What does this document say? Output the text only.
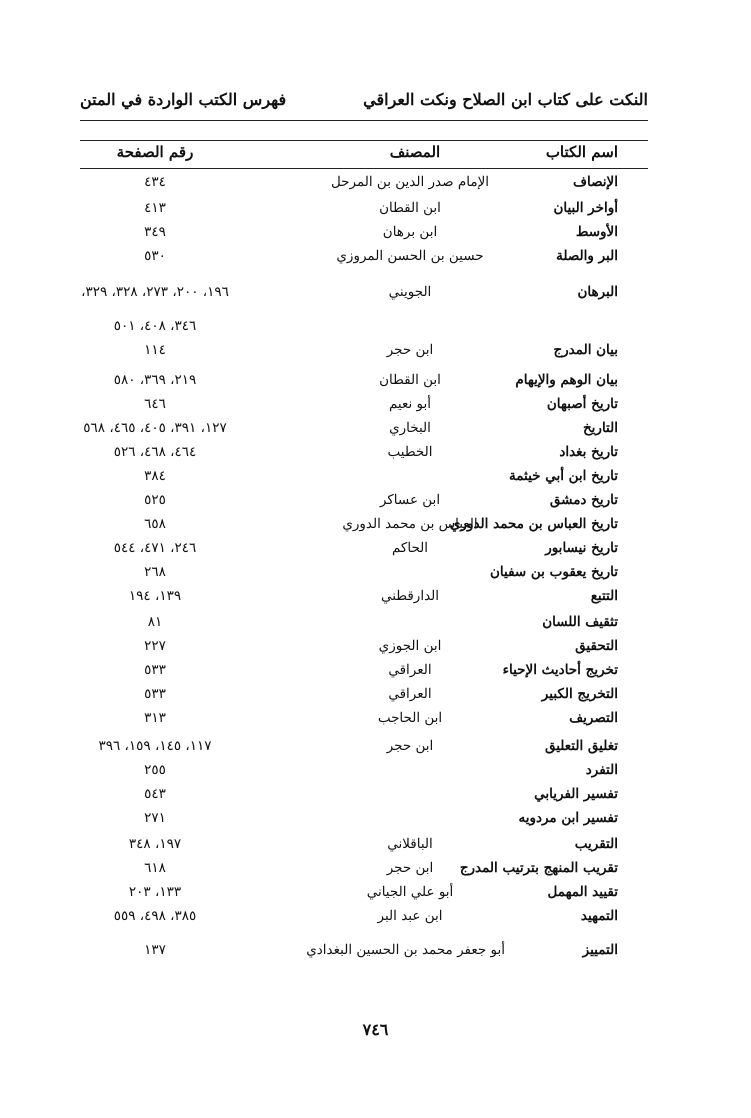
النكت على كتاب ابن الصلاح ونكت العراقي
فهرس الكتب الواردة في المتن
اسم الكتاب
المصنف
رقم الصفحة
الإنصاف
الإمام صدر الدين بن المرحل
٤٣٤
أواخر البيان
ابن القطان
٤١٣
الأوسط
ابن برهان
٣٤٩
البر والصلة
حسين بن الحسن المروزي
٥٣٠
البرهان
الجويني
١٩٦، ٢٠٠، ٢٧٣، ٣٢٨، ٣٢٩،
٣٤٦، ٤٠٨، ٥٠١
بيان المدرج
ابن حجر
١١٤
بيان الوهم والإيهام
ابن القطان
٢١٩، ٣٦٩، ٥٨٠
تاريخ أصبهان
أبو نعيم
٦٤٦
التاريخ
البخاري
١٢٧، ٣٩١، ٤٠٥، ٤٦٥، ٥٦٨
تاريخ بغداد
الخطيب
٤٦٤، ٤٦٨، ٥٢٦
تاريخ ابن أبي خيثمة
٣٨٤
تاريخ دمشق
ابن عساكر
٥٢٥
تاريخ العباس بن محمد الدوري
العباس بن محمد الدوري
٦٥٨
تاريخ نيسابور
الحاكم
٢٤٦، ٤٧١، ٥٤٤
تاريخ يعقوب بن سفيان
٢٦٨
التتبع
الدارقطني
١٣٩، ١٩٤
تثقيف اللسان
٨١
التحقيق
ابن الجوزي
٢٢٧
تخريج أحاديث الإحياء
العراقي
٥٣٣
التخريج الكبير
العراقي
٥٣٣
التصريف
ابن الحاجب
٣١٣
تغليق التعليق
ابن حجر
١١٧، ١٤٥، ١٥٩، ٣٩٦
التفرد
٢٥٥
تفسير الفريابي
٥٤٣
تفسير ابن مردويه
٢٧١
التقريب
الباقلاني
١٩٧، ٣٤٨
تقريب المنهج بترتيب المدرج
ابن حجر
٦١٨
تقييد المهمل
أبو علي الجياني
١٣٣، ٢٠٣
التمهيد
ابن عبد البر
٣٨٥، ٤٩٨، ٥٥٩
التمييز
أبو جعفر محمد بن الحسين البغدادي
١٣٧
٧٤٦
